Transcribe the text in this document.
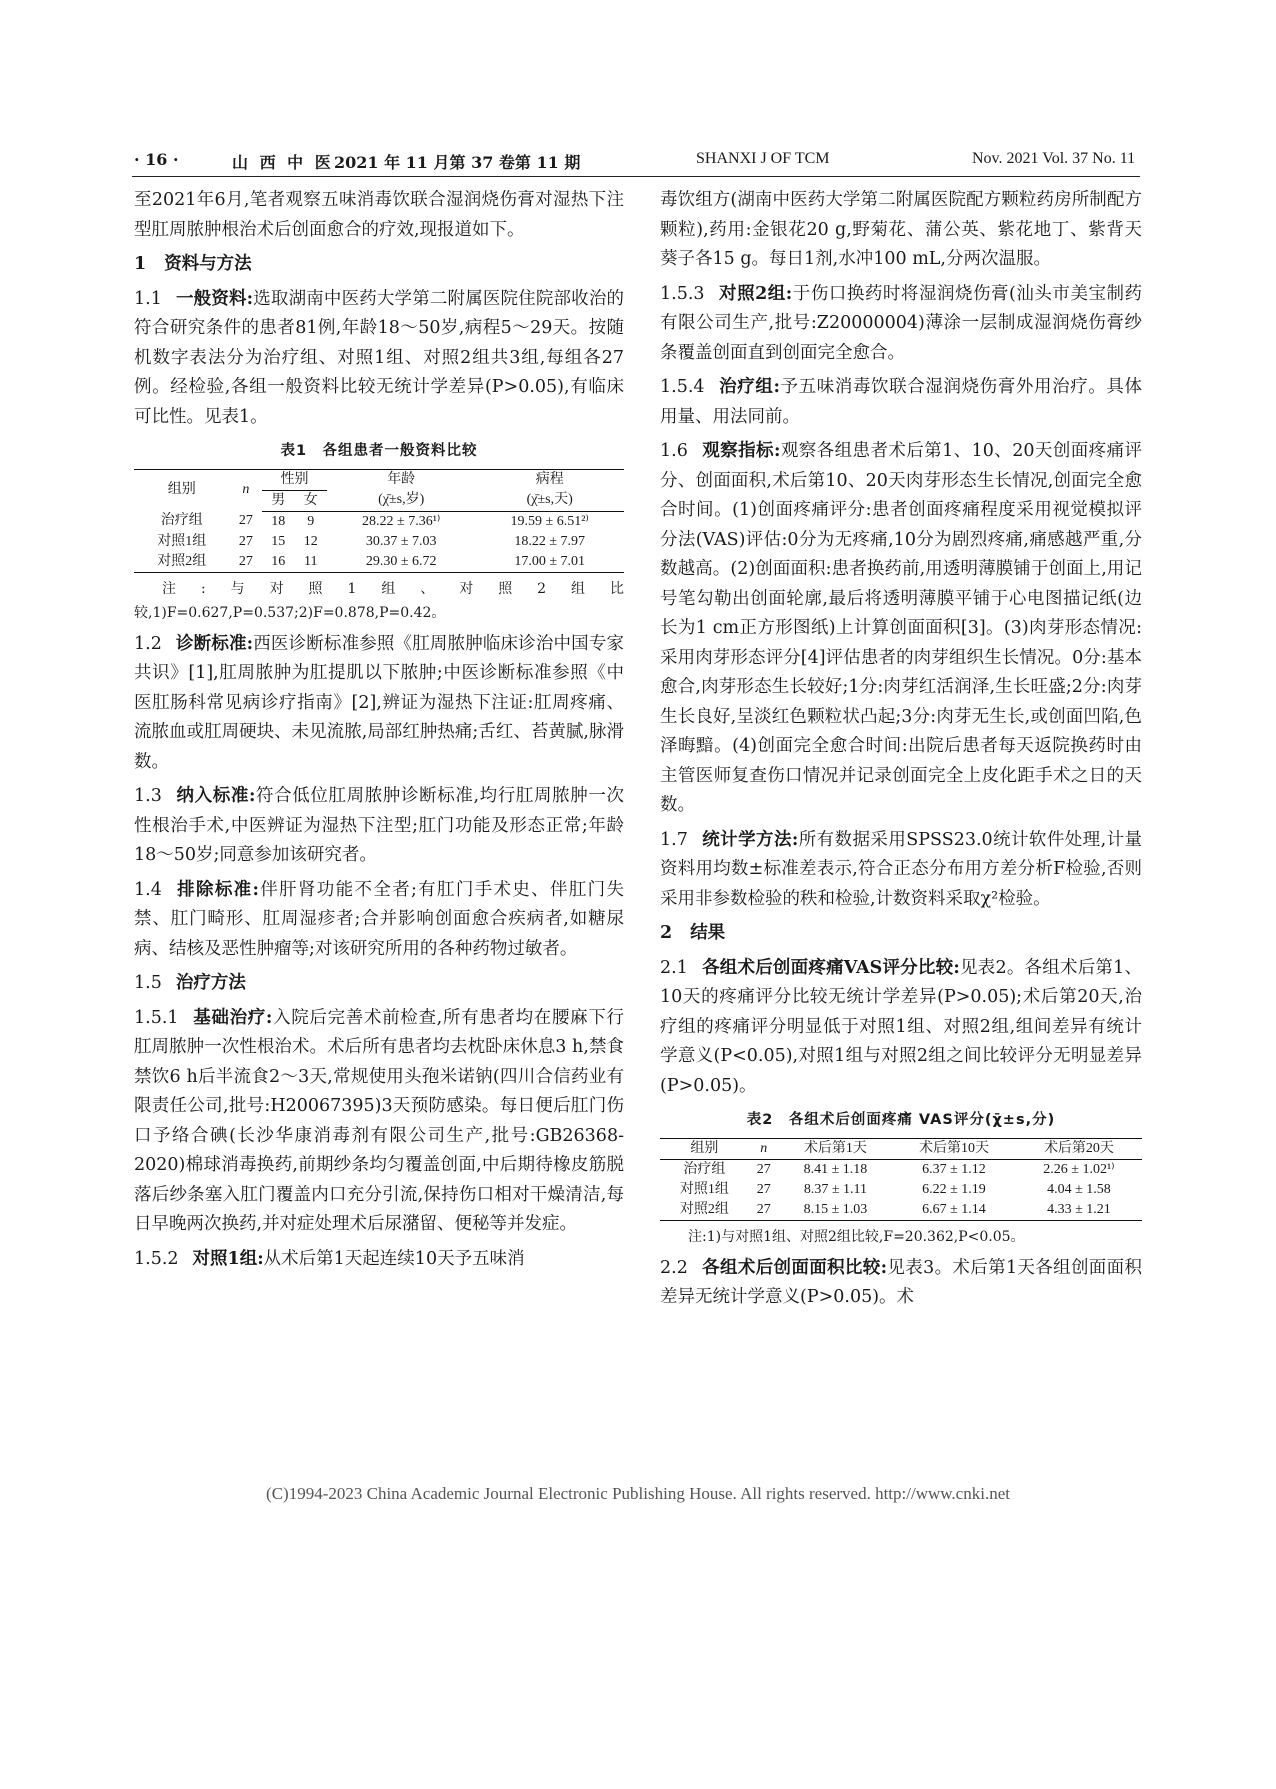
· 16 ·	山 西 中 医 2021 年 11 月第 37 卷第 11 期	SHANXI J OF TCM	Nov. 2021 Vol. 37 No. 11

至2021年6月,笔者观察五味消毒饮联合湿润烧伤膏对湿热下注型肛周脓肿根治术后创面愈合的疗效,现报道如下。

1 资料与方法

1.1 一般资料:选取湖南中医药大学第二附属医院住院部收治的符合研究条件的患者81例,年龄18～50岁,病程5～29天。按随机数字表法分为治疗组、对照1组、对照2组共3组,每组各27例。经检验,各组一般资料比较无统计学差异(P>0.05),有临床可比性。见表1。

表1　各组患者一般资料比较
组别	n	性别		年龄	病程
		男	女	(χ̄±s,岁)	(χ̄±s,天)
治疗组	27	18	9	28.22 ± 7.36¹⁾	19.59 ± 6.51²⁾
对照1组	27	15	12	30.37 ± 7.03	18.22 ± 7.97
对照2组	27	16	11	29.30 ± 6.72	17.00 ± 7.01
注:与对照1组、对照2组比较,1)F=0.627,P=0.537;2)F=0.878,P=0.42。

1.2 诊断标准:西医诊断标准参照《肛周脓肿临床诊治中国专家共识》[1],肛周脓肿为肛提肌以下脓肿;中医诊断标准参照《中医肛肠科常见病诊疗指南》[2],辨证为湿热下注证:肛周疼痛、流脓血或肛周硬块、未见流脓,局部红肿热痛;舌红、苔黄腻,脉滑数。

1.3 纳入标准:符合低位肛周脓肿诊断标准,均行肛周脓肿一次性根治手术,中医辨证为湿热下注型;肛门功能及形态正常;年龄18～50岁;同意参加该研究者。

1.4 排除标准:伴肝肾功能不全者;有肛门手术史、伴肛门失禁、肛门畸形、肛周湿疹者;合并影响创面愈合疾病者,如糖尿病、结核及恶性肿瘤等;对该研究所用的各种药物过敏者。

1.5 治疗方法

1.5.1 基础治疗:入院后完善术前检查,所有患者均在腰麻下行肛周脓肿一次性根治术。术后所有患者均去枕卧床休息3 h,禁食禁饮6 h后半流食2～3天,常规使用头孢米诺钠(四川合信药业有限责任公司,批号:H20067395)3天预防感染。每日便后肛门伤口予络合碘(长沙华康消毒剂有限公司生产,批号:GB26368-2020)棉球消毒换药,前期纱条均匀覆盖创面,中后期待橡皮筋脱落后纱条塞入肛门覆盖内口充分引流,保持伤口相对干燥清洁,每日早晚两次换药,并对症处理术后尿潴留、便秘等并发症。

1.5.2 对照1组:从术后第1天起连续10天予五味消

毒饮组方(湖南中医药大学第二附属医院配方颗粒药房所制配方颗粒),药用:金银花20 g,野菊花、蒲公英、紫花地丁、紫背天葵子各15 g。每日1剂,水冲100 mL,分两次温服。

1.5.3 对照2组:于伤口换药时将湿润烧伤膏(汕头市美宝制药有限公司生产,批号:Z20000004)薄涂一层制成湿润烧伤膏纱条覆盖创面直到创面完全愈合。

1.5.4 治疗组:予五味消毒饮联合湿润烧伤膏外用治疗。具体用量、用法同前。

1.6 观察指标:观察各组患者术后第1、10、20天创面疼痛评分、创面面积,术后第10、20天肉芽形态生长情况,创面完全愈合时间。(1)创面疼痛评分:患者创面疼痛程度采用视觉模拟评分法(VAS)评估:0分为无疼痛,10分为剧烈疼痛,痛感越严重,分数越高。(2)创面面积:患者换药前,用透明薄膜铺于创面上,用记号笔勾勒出创面轮廓,最后将透明薄膜平铺于心电图描记纸(边长为1 cm正方形图纸)上计算创面面积[3]。(3)肉芽形态情况:采用肉芽形态评分[4]评估患者的肉芽组织生长情况。0分:基本愈合,肉芽形态生长较好;1分:肉芽红活润泽,生长旺盛;2分:肉芽生长良好,呈淡红色颗粒状凸起;3分:肉芽无生长,或创面凹陷,色泽晦黯。(4)创面完全愈合时间:出院后患者每天返院换药时由主管医师复查伤口情况并记录创面完全上皮化距手术之日的天数。

1.7 统计学方法:所有数据采用SPSS23.0统计软件处理,计量资料用均数±标准差表示,符合正态分布用方差分析F检验,否则采用非参数检验的秩和检验,计数资料采取χ²检验。

2 结果

2.1 各组术后创面疼痛VAS评分比较:见表2。各组术后第1、10天的疼痛评分比较无统计学差异(P>0.05);术后第20天,治疗组的疼痛评分明显低于对照1组、对照2组,组间差异有统计学意义(P<0.05),对照1组与对照2组之间比较评分无明显差异(P>0.05)。

表2　各组术后创面疼痛 VAS评分(χ̄±s,分)
组别	n	术后第1天	术后第10天	术后第20天
治疗组	27	8.41 ± 1.18	6.37 ± 1.12	2.26 ± 1.02¹⁾
对照1组	27	8.37 ± 1.11	6.22 ± 1.19	4.04 ± 1.58
对照2组	27	8.15 ± 1.03	6.67 ± 1.14	4.33 ± 1.21
注:1)与对照1组、对照2组比较,F=20.362,P<0.05。

2.2 各组术后创面面积比较:见表3。术后第1天各组创面面积差异无统计学意义(P>0.05)。术

(C)1994-2023 China Academic Journal Electronic Publishing House. All rights reserved. http://www.cnki.net
